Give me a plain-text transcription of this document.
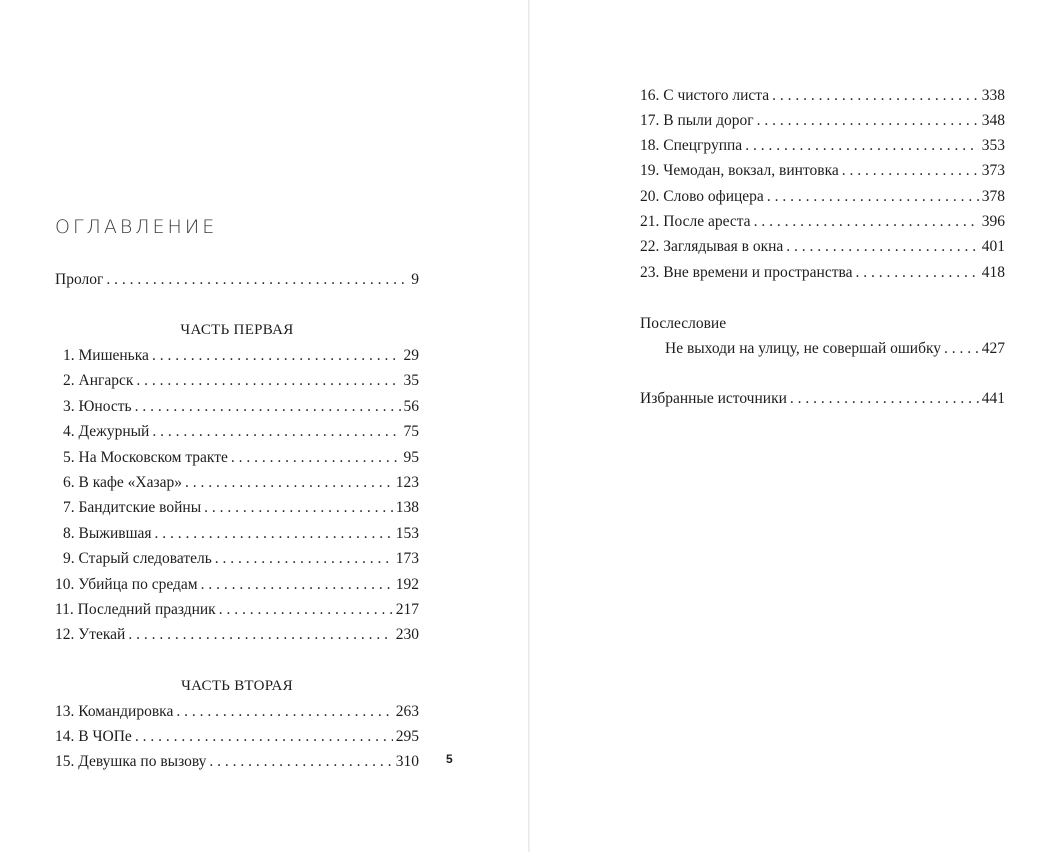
ОГЛАВЛЕНИЕ
Пролог . . .	9
ЧАСТЬ ПЕРВАЯ
1. Мишенька . . .	29
2. Ангарск . . .	35
3. Юность . . .	56
4. Дежурный . . .	75
5. На Московском тракте . . .	95
6. В кафе «Хазар» . . .	123
7. Бандитские войны . . .	138
8. Выжившая . . .	153
9. Старый следователь . . .	173
10. Убийца по средам . . .	192
11. Последний праздник . . .	217
12. Утекай . . .	230
ЧАСТЬ ВТОРАЯ
13. Командировка . . .	263
14. В ЧОПе . . .	295
15. Девушка по вызову . . .	310 5
16. С чистого листа . . .	338
17. В пыли дорог . . .	348
18. Спецгруппа . . .	353
19. Чемодан, вокзал, винтовка . . .	373
20. Слово офицера . . .	378
21. После ареста . . .	396
22. Заглядывая в окна . . .	401
23. Вне времени и пространства . . .	418
Послесловие
Не выходи на улицу, не совершай ошибку . . .	427
Избранные источники . . .	441
